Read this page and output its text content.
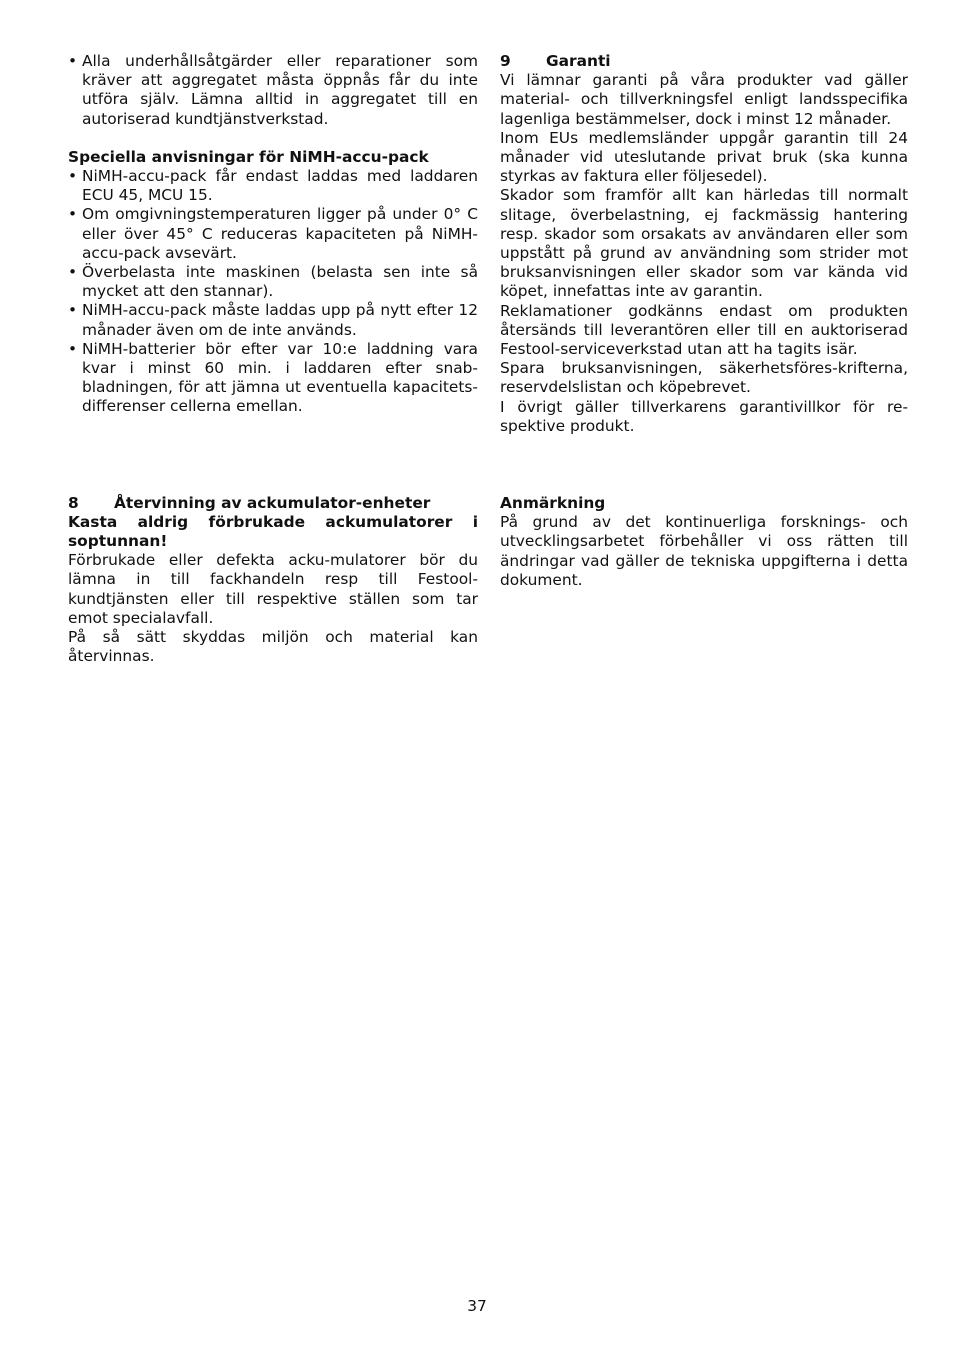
• Alla underhållsåtgärder eller reparationer som kräver att aggregatet måsta öppnås får du inte utföra själv. Lämna alltid in aggregatet till en autoriserad kundtjänstverkstad.

Speciella anvisningar för NiMH-accu-pack

• NiMH-accu-pack får endast laddas med laddaren ECU 45, MCU 15.
• Om omgivningstemperaturen ligger på under 0° C eller över 45° C reduceras kapaciteten på NiMH-accu-pack avsevärt.
• Överbelasta inte maskinen (belasta sen inte så mycket att den stannar).
• NiMH-accu-pack måste laddas upp på nytt efter 12 månader även om de inte används.
• NiMH-batterier bör efter var 10:e laddning vara kvar i minst 60 min. i laddaren efter snab-bladningen, för att jämna ut eventuella kapacitets-differenser cellerna emellan.

8 Återvinning av ackumulator-enheter

Kasta aldrig förbrukade ackumulatorer i soptunnan!

Förbrukade eller defekta acku-mulatorer bör du lämna in till fackhandeln resp till Festool-kundtjänsten eller till respektive ställen som tar emot specialavfall.

På så sätt skyddas miljön och material kan återvinnas.

9 Garanti

Vi lämnar garanti på våra produkter vad gäller material- och tillverkningsfel enligt landsspecifika lagenliga bestämmelser, dock i minst 12 månader.

Inom EUs medlemsländer uppgår garantin till 24 månader vid uteslutande privat bruk (ska kunna styrkas av faktura eller följesedel).

Skador som framför allt kan härledas till normalt slitage, överbelastning, ej fackmässig hantering resp. skador som orsakats av användaren eller som uppstått på grund av användning som strider mot bruksanvisningen eller skador som var kända vid köpet, innefattas inte av garantin.

Reklamationer godkänns endast om produkten återsänds till leverantören eller till en auktoriserad Festool-serviceverkstad utan att ha tagits isär.

Spara bruksanvisningen, säkerhetsföres-krifterna, reservdelslistan och köpebrevet.

I övrigt gäller tillverkarens garantivillkor för re-spektive produkt.

Anmärkning

På grund av det kontinuerliga forsknings- och utvecklingsarbetet förbehåller vi oss rätten till ändringar vad gäller de tekniska uppgifterna i detta dokument.

37
